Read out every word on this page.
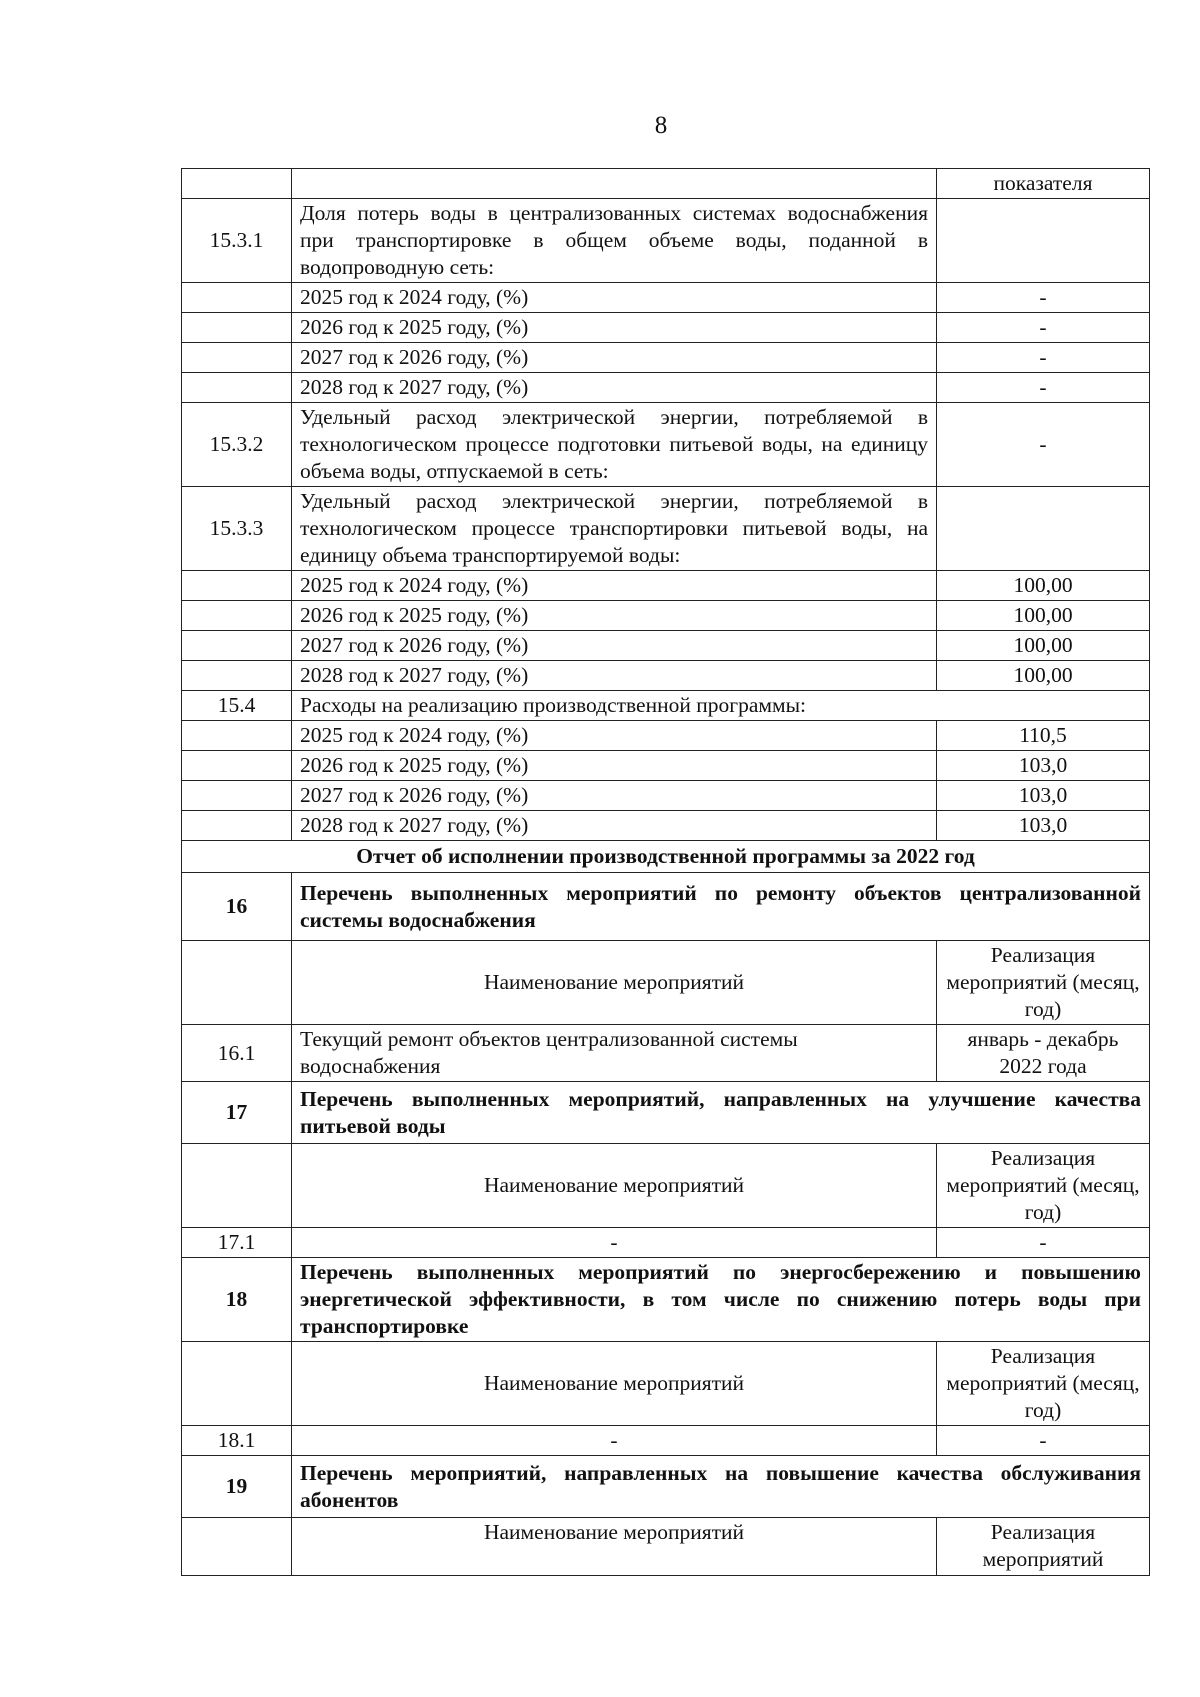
8
		показателя
15.3.1	Доля потерь воды в централизованных системах водоснабжения при транспортировке в общем объеме воды, поданной в водопроводную сеть:	
	2025 год к 2024 году, (%)	-
	2026 год к 2025 году, (%)	-
	2027 год к 2026 году, (%)	-
	2028 год к 2027 году, (%)	-
15.3.2	Удельный расход электрической энергии, потребляемой в технологическом процессе подготовки питьевой воды, на единицу объема воды, отпускаемой в сеть:	-
15.3.3	Удельный расход электрической энергии, потребляемой в технологическом процессе транспортировки питьевой воды, на единицу объема транспортируемой воды:	
	2025 год к 2024 году, (%)	100,00
	2026 год к 2025 году, (%)	100,00
	2027 год к 2026 году, (%)	100,00
	2028 год к 2027 году, (%)	100,00
15.4	Расходы на реализацию производственной программы:	
	2025 год к 2024 году, (%)	110,5
	2026 год к 2025 году, (%)	103,0
	2027 год к 2026 году, (%)	103,0
	2028 год к 2027 году, (%)	103,0
Отчет об исполнении производственной программы за 2022 год		
16	Перечень выполненных мероприятий по ремонту объектов централизованной системы водоснабжения	
	Наименование мероприятий	Реализация мероприятий (месяц, год)
16.1	Текущий ремонт объектов централизованной системы водоснабжения	январь - декабрь 2022 года
17	Перечень выполненных мероприятий, направленных на улучшение качества питьевой воды	
	Наименование мероприятий	Реализация мероприятий (месяц, год)
17.1	-	-
18	Перечень выполненных мероприятий по энергосбережению и повышению энергетической эффективности, в том числе по снижению потерь воды при транспортировке	
	Наименование мероприятий	Реализация мероприятий (месяц, год)
18.1	-	-
19	Перечень мероприятий, направленных на повышение качества обслуживания абонентов	
	Наименование мероприятий	Реализация мероприятий
